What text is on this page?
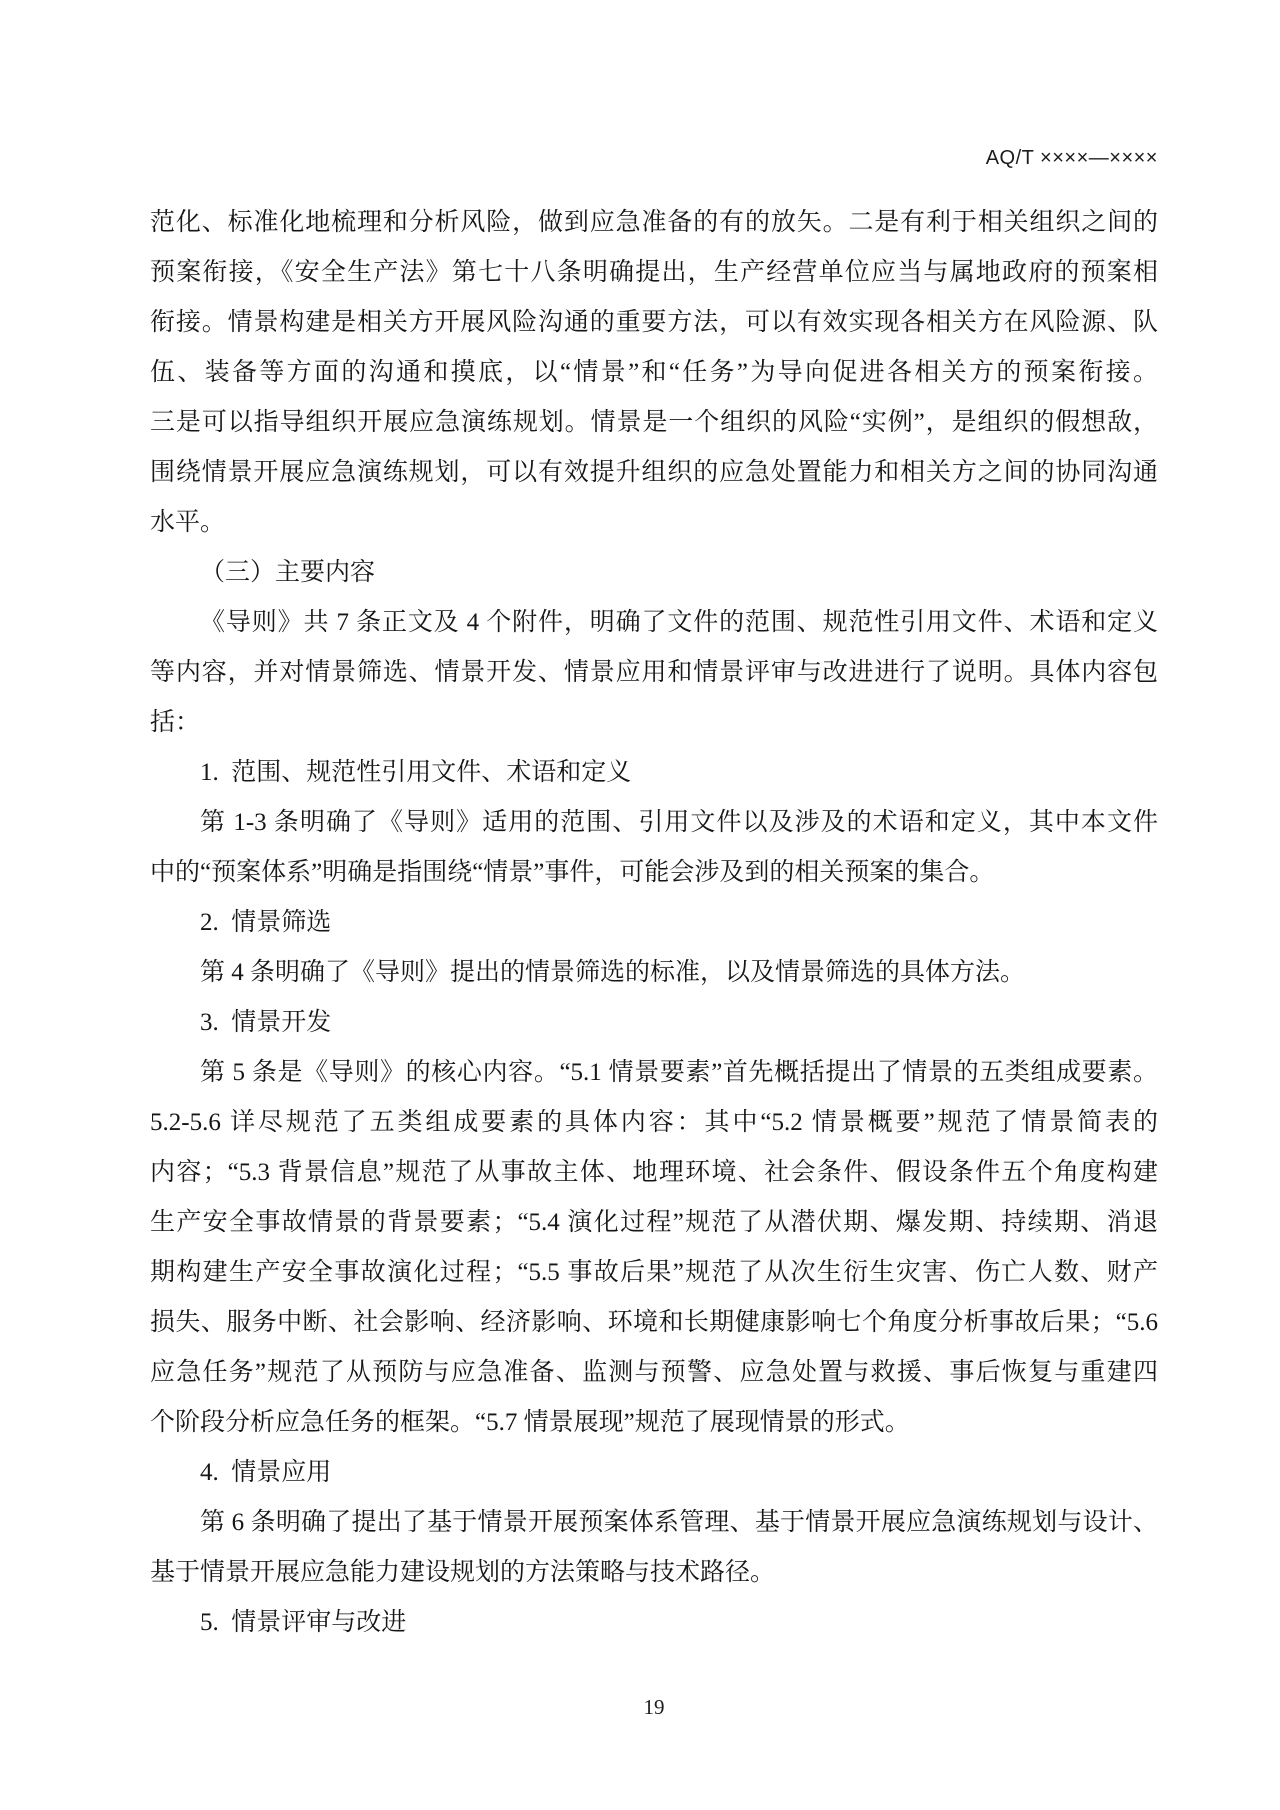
AQ/T ××××—××××
范化、标准化地梳理和分析风险，做到应急准备的有的放矢。二是有利于相关组织之间的
预案衔接，《安全生产法》第七十八条明确提出，生产经营单位应当与属地政府的预案相
衔接。情景构建是相关方开展风险沟通的重要方法，可以有效实现各相关方在风险源、队
伍、装备等方面的沟通和摸底，以“情景”和“任务”为导向促进各相关方的预案衔接。
三是可以指导组织开展应急演练规划。情景是一个组织的风险“实例”，是组织的假想敌，
围绕情景开展应急演练规划，可以有效提升组织的应急处置能力和相关方之间的协同沟通
水平。
（三）主要内容
《导则》共 7 条正文及 4 个附件，明确了文件的范围、规范性引用文件、术语和定义
等内容，并对情景筛选、情景开发、情景应用和情景评审与改进进行了说明。具体内容包
括：
1.  范围、规范性引用文件、术语和定义
第 1-3 条明确了《导则》适用的范围、引用文件以及涉及的术语和定义，其中本文件
中的“预案体系”明确是指围绕“情景”事件，可能会涉及到的相关预案的集合。
2.  情景筛选
第 4 条明确了《导则》提出的情景筛选的标准，以及情景筛选的具体方法。
3.  情景开发
第 5 条是《导则》的核心内容。“5.1 情景要素”首先概括提出了情景的五类组成要素。
5.2-5.6 详尽规范了五类组成要素的具体内容：其中“5.2 情景概要”规范了情景简表的
内容；“5.3 背景信息”规范了从事故主体、地理环境、社会条件、假设条件五个角度构建
生产安全事故情景的背景要素；“5.4 演化过程”规范了从潜伏期、爆发期、持续期、消退
期构建生产安全事故演化过程；“5.5 事故后果”规范了从次生衍生灾害、伤亡人数、财产
损失、服务中断、社会影响、经济影响、环境和长期健康影响七个角度分析事故后果；“5.6
应急任务”规范了从预防与应急准备、监测与预警、应急处置与救援、事后恢复与重建四
个阶段分析应急任务的框架。“5.7 情景展现”规范了展现情景的形式。
4.  情景应用
第 6 条明确了提出了基于情景开展预案体系管理、基于情景开展应急演练规划与设计、
基于情景开展应急能力建设规划的方法策略与技术路径。
5.  情景评审与改进
19
